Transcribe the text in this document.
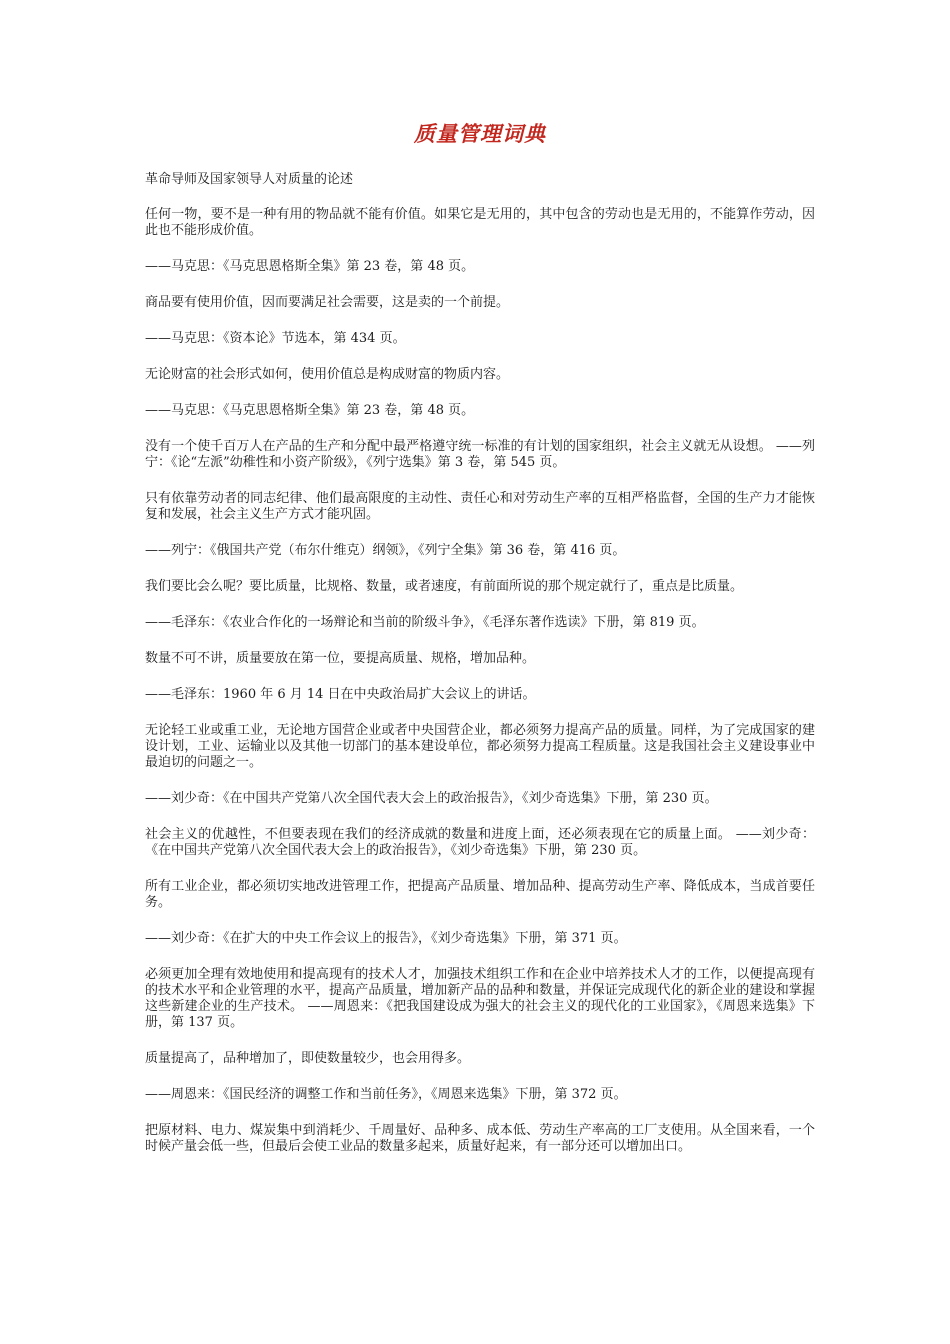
质量管理词典

革命导师及国家领导人对质量的论述

任何一物，要不是一种有用的物品就不能有价值。如果它是无用的，其中包含的劳动也是无用的，不能算作劳动，因此也不能形成价值。

——马克思：《马克思恩格斯全集》第 23 卷，第 48 页。

商品要有使用价值，因而要满足社会需要，这是卖的一个前提。

——马克思：《资本论》节选本，第 434 页。

无论财富的社会形式如何，使用价值总是构成财富的物质内容。

——马克思：《马克思恩格斯全集》第 23 卷，第 48 页。

没有一个使千百万人在产品的生产和分配中最严格遵守统一标准的有计划的国家组织，社会主义就无从设想。 ——列宁：《论“左派”幼稚性和小资产阶级》，《列宁选集》第 3 卷，第 545 页。

只有依靠劳动者的同志纪律、他们最高限度的主动性、责任心和对劳动生产率的互相严格监督，全国的生产力才能恢复和发展，社会主义生产方式才能巩固。

——列宁：《俄国共产党（布尔什维克）纲领》，《列宁全集》第 36 卷，第 416 页。

我们要比会么呢？要比质量，比规格、数量，或者速度，有前面所说的那个规定就行了，重点是比质量。

——毛泽东：《农业合作化的一场辩论和当前的阶级斗争》，《毛泽东著作选读》下册，第 819 页。

数量不可不讲，质量要放在第一位，要提高质量、规格，增加品种。

——毛泽东：1960 年 6 月 14 日在中央政治局扩大会议上的讲话。

无论轻工业或重工业，无论地方国营企业或者中央国营企业，都必须努力提高产品的质量。同样，为了完成国家的建设计划，工业、运输业以及其他一切部门的基本建设单位，都必须努力提高工程质量。这是我国社会主义建设事业中最迫切的问题之一。

——刘少奇：《在中国共产党第八次全国代表大会上的政治报告》，《刘少奇选集》下册，第 230 页。

社会主义的优越性，不但要表现在我们的经济成就的数量和进度上面，还必须表现在它的质量上面。 ——刘少奇：《在中国共产党第八次全国代表大会上的政治报告》，《刘少奇选集》下册，第 230 页。

所有工业企业，都必须切实地改进管理工作，把提高产品质量、增加品种、提高劳动生产率、降低成本，当成首要任务。

——刘少奇：《在扩大的中央工作会议上的报告》，《刘少奇选集》下册，第 371 页。

必须更加全理有效地使用和提高现有的技术人才，加强技术组织工作和在企业中培养技术人才的工作，以便提高现有的技术水平和企业管理的水平，提高产品质量，增加新产品的品种和数量，并保证完成现代化的新企业的建设和掌握这些新建企业的生产技术。 ——周恩来：《把我国建设成为强大的社会主义的现代化的工业国家》，《周恩来选集》下册，第 137 页。

质量提高了，品种增加了，即使数量较少，也会用得多。

——周恩来：《国民经济的调整工作和当前任务》，《周恩来选集》下册，第 372 页。

把原材料、电力、煤炭集中到消耗少、千周量好、品种多、成本低、劳动生产率高的工厂支使用。从全国来看，一个时候产量会低一些，但最后会使工业品的数量多起来，质量好起来，有一部分还可以增加出口。
